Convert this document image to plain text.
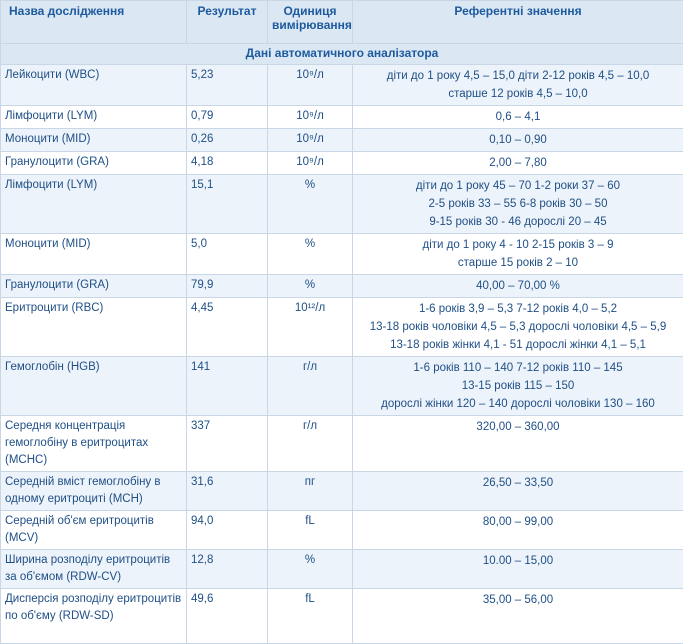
Назва дослідження	Результат	Одиниця вимірювання	Референтні значення
Дані автоматичного аналізатора			
Лейкоцити (WBC)	5,23	10⁹/л	діти до 1 року 4,5 – 15,0 діти 2-12 років 4,5 – 10,0
старше 12 років 4,5 – 10,0

Лімфоцити (LYM)	0,79	10⁹/л	0,6 – 4,1

Моноцити (MID)	0,26	10⁹/л	0,10 – 0,90

Гранулоцити (GRA)	4,18	10⁹/л	2,00 – 7,80

Лімфоцити (LYM)	15,1	%	діти до 1 року 45 – 70 1-2 роки 37 – 60
2-5 років 33 – 55 6-8 років 30 – 50
9-15 років 30 - 46 дорослі 20 – 45

Моноцити (MID)	5,0	%	діти до 1 року 4 - 10 2-15 років 3 – 9
старше 15 років 2 – 10

Гранулоцити (GRA)	79,9	%	40,00 – 70,00 %

Еритроцити (RBC)	4,45	10¹²/л	1-6 років 3,9 – 5,3 7-12 років 4,0 – 5,2
13-18 років чоловіки 4,5 – 5,3 дорослі чоловіки 4,5 – 5,9
13-18 років жінки 4,1 - 51 дорослі жінки 4,1 – 5,1

Гемоглобін (HGB)	141	г/л	1-6 років 110 – 140 7-12 років 110 – 145
13-15 років 115 – 150
дорослі жінки 120 – 140 дорослі чоловіки 130 – 160

Середня концентрація гемоглобіну в еритроцитах (MCHC)	337	г/л	320,00 – 360,00

Середній вміст гемоглобіну в одному еритроциті (MCH)	31,6	пг	26,50 – 33,50

Середній об'єм еритроцитів (MCV)	94,0	fL	80,00 – 99,00

Ширина розподілу еритроцитів за об'ємом (RDW-CV)	12,8	%	10.00 – 15,00

Дисперсія розподілу еритроцитів по об'єму (RDW-SD)	49,6	fL	35,00 – 56,00
